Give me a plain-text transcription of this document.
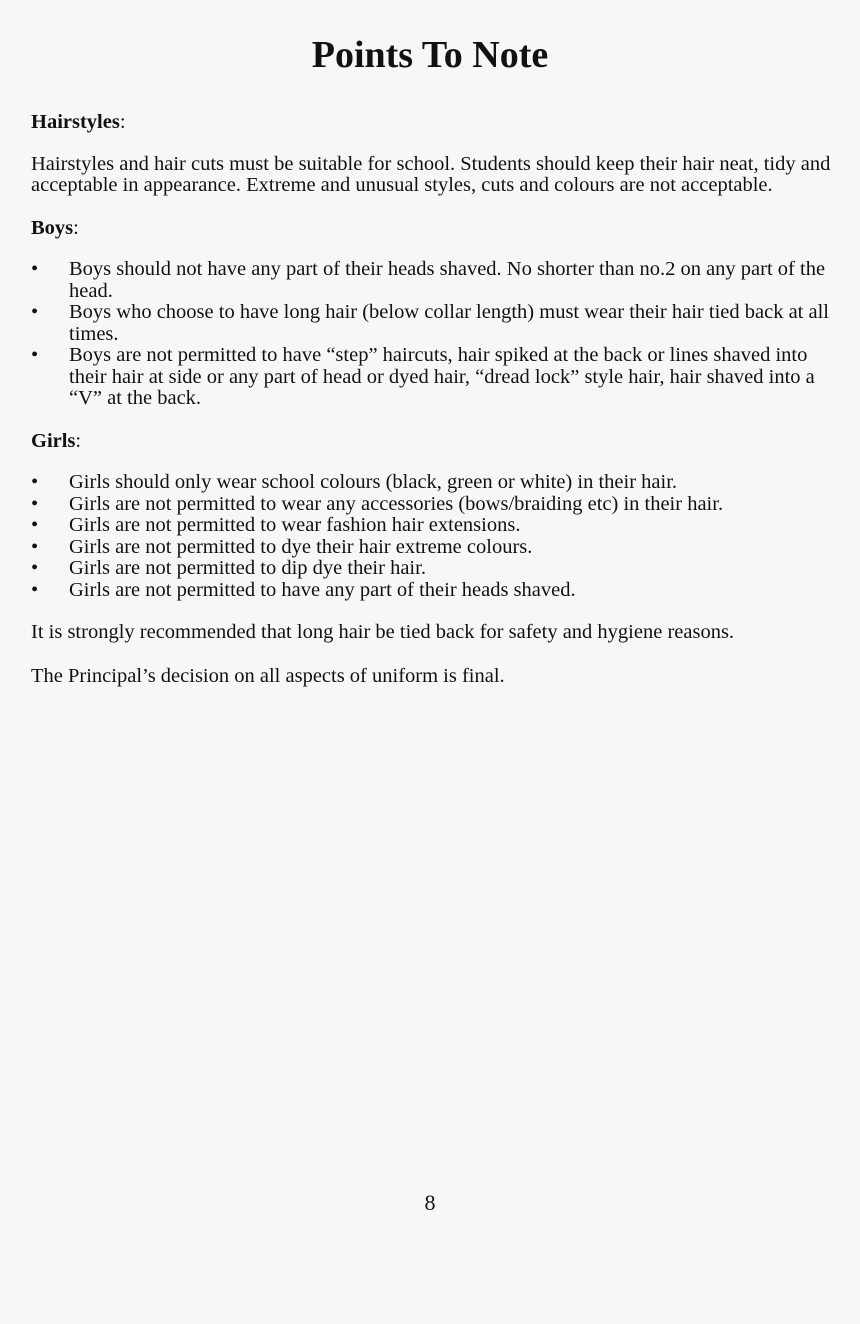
Points To Note

Hairstyles:

Hairstyles and hair cuts must be suitable for school. Students should keep their hair neat, tidy and acceptable in appearance. Extreme and unusual styles, cuts and colours are not acceptable.

Boys:

•	Boys should not have any part of their heads shaved. No shorter than no.2 on any part of the head.
•	Boys who choose to have long hair (below collar length) must wear their hair tied back at all times.
•	Boys are not permitted to have “step” haircuts, hair spiked at the back or lines shaved into their hair at side or any part of head or dyed hair, “dread lock” style hair, hair shaved into a “V” at the back.

Girls:

•	Girls should only wear school colours (black, green or white) in their hair.
•	Girls are not permitted to wear any accessories (bows/braiding etc) in their hair.
•	Girls are not permitted to wear fashion hair extensions.
•	Girls are not permitted to dye their hair extreme colours.
•	Girls are not permitted to dip dye their hair.
•	Girls are not permitted to have any part of their heads shaved.

It is strongly recommended that long hair be tied back for safety and hygiene reasons.

The Principal’s decision on all aspects of uniform is final.

8
